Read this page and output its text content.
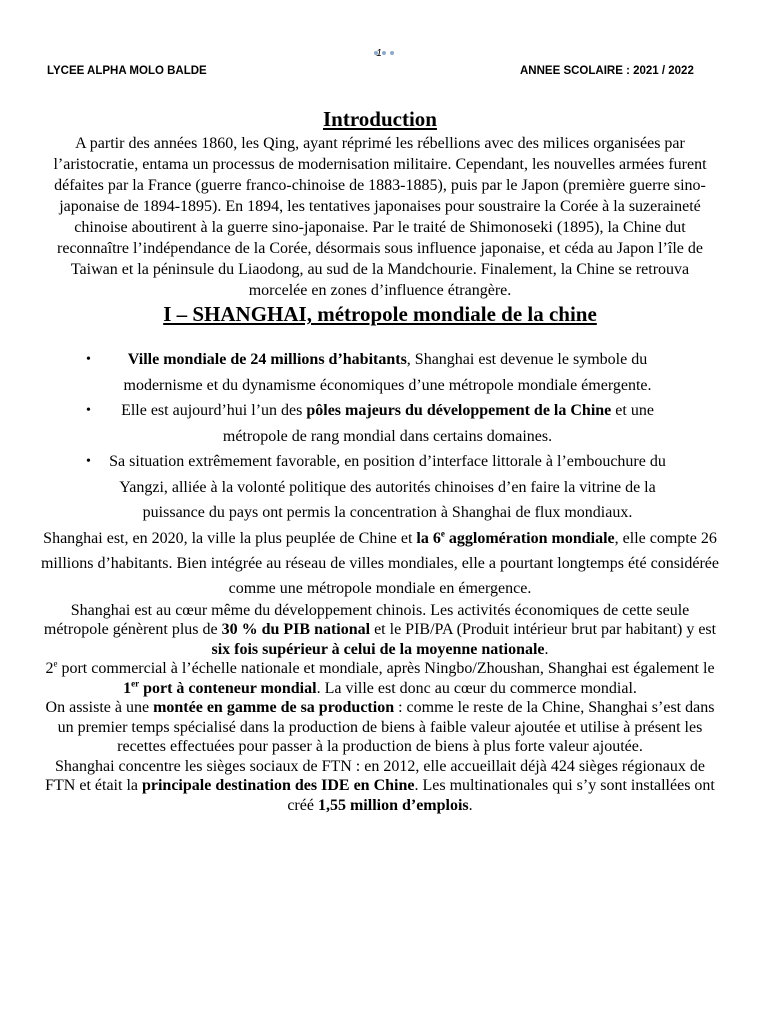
1
LYCEE ALPHA MOLO BALDE	ANNEE SCOLAIRE : 2021 / 2022
Introduction

A partir des années 1860, les Qing, ayant réprimé les rébellions avec des milices organisées par l’aristocratie, entama un processus de modernisation militaire. Cependant, les nouvelles armées furent défaites par la France (guerre franco-chinoise de 1883-1885), puis par le Japon (première guerre sino-japonaise de 1894-1895). En 1894, les tentatives japonaises pour soustraire la Corée à la suzeraineté chinoise aboutirent à la guerre sino-japonaise. Par le traité de Shimonoseki (1895), la Chine dut reconnaître l’indépendance de la Corée, désormais sous influence japonaise, et céda au Japon l’île de Taiwan et la péninsule du Liaodong, au sud de la Mandchourie. Finalement, la Chine se retrouva morcelée en zones d’influence étrangère.

I – SHANGHAI, métropole mondiale de la chine
• Ville mondiale de 24 millions d’habitants, Shanghai est devenue le symbole du modernisme et du dynamisme économiques d’une métropole mondiale émergente.
• Elle est aujourd’hui l’un des pôles majeurs du développement de la Chine et une métropole de rang mondial dans certains domaines.
• Sa situation extrêmement favorable, en position d’interface littorale à l’embouchure du Yangzi, alliée à la volonté politique des autorités chinoises d’en faire la vitrine de la puissance du pays ont permis la concentration à Shanghai de flux mondiaux.

Shanghai est, en 2020, la ville la plus peuplée de Chine et la 6e agglomération mondiale, elle compte 26 millions d’habitants. Bien intégrée au réseau de villes mondiales, elle a pourtant longtemps été considérée comme une métropole mondiale en émergence.

Shanghai est au cœur même du développement chinois. Les activités économiques de cette seule métropole génèrent plus de 30 % du PIB national et le PIB/PA (Produit intérieur brut par habitant) y est six fois supérieur à celui de la moyenne nationale.

2e port commercial à l’échelle nationale et mondiale, après Ningbo/Zhoushan, Shanghai est également le 1er port à conteneur mondial. La ville est donc au cœur du commerce mondial.

On assiste à une montée en gamme de sa production : comme le reste de la Chine, Shanghai s’est dans un premier temps spécialisé dans la production de biens à faible valeur ajoutée et utilise à présent les recettes effectuées pour passer à la production de biens à plus forte valeur ajoutée.

Shanghai concentre les sièges sociaux de FTN : en 2012, elle accueillait déjà 424 sièges régionaux de FTN et était la principale destination des IDE en Chine. Les multinationales qui s’y sont installées ont créé 1,55 million d’emplois.
